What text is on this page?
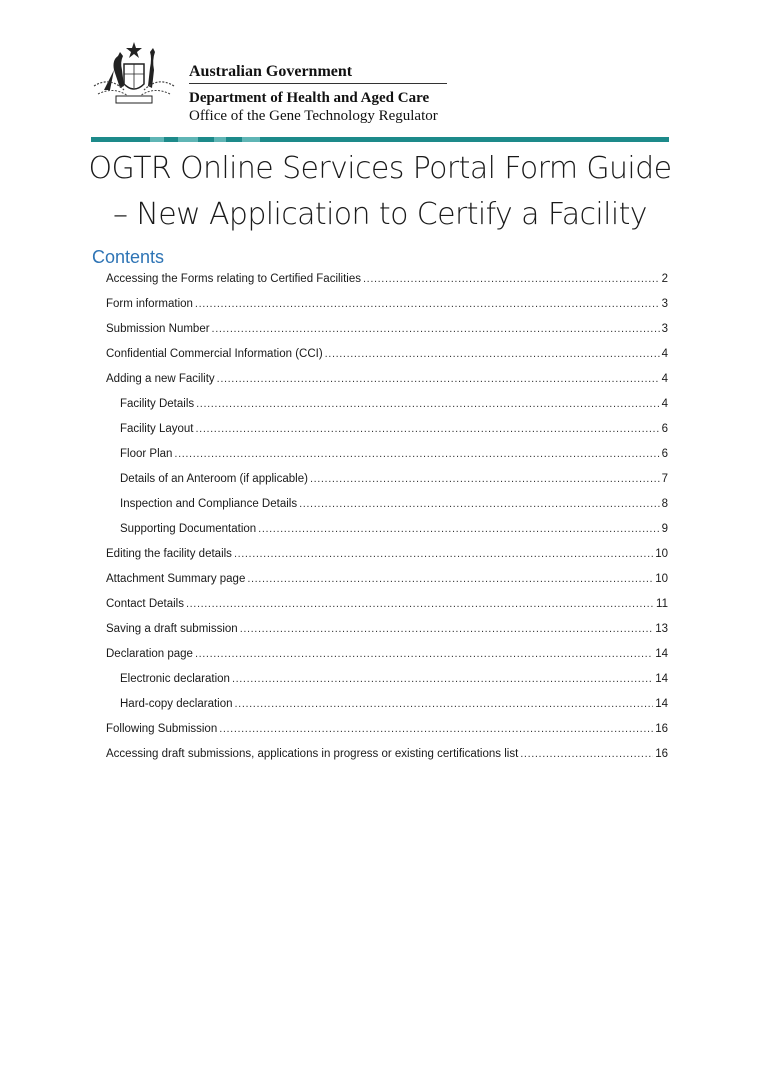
Australian Government
Department of Health and Aged Care
Office of the Gene Technology Regulator
OGTR Online Services Portal Form Guide
– New Application to Certify a Facility
Contents
Accessing the Forms relating to Certified Facilities .....	2
Form information .....	3
Submission Number .....	3
Confidential Commercial Information (CCI) .....	4
Adding a new Facility .....	4
Facility Details .....	4
Facility Layout .....	6
Floor Plan .....	6
Details of an Anteroom (if applicable) .....	7
Inspection and Compliance Details .....	8
Supporting Documentation .....	9
Editing the facility details .....	10
Attachment Summary page .....	10
Contact Details .....	11
Saving a draft submission .....	13
Declaration page .....	14
Electronic declaration .....	14
Hard-copy declaration .....	14
Following Submission .....	16
Accessing draft submissions, applications in progress or existing certifications list .....	16
